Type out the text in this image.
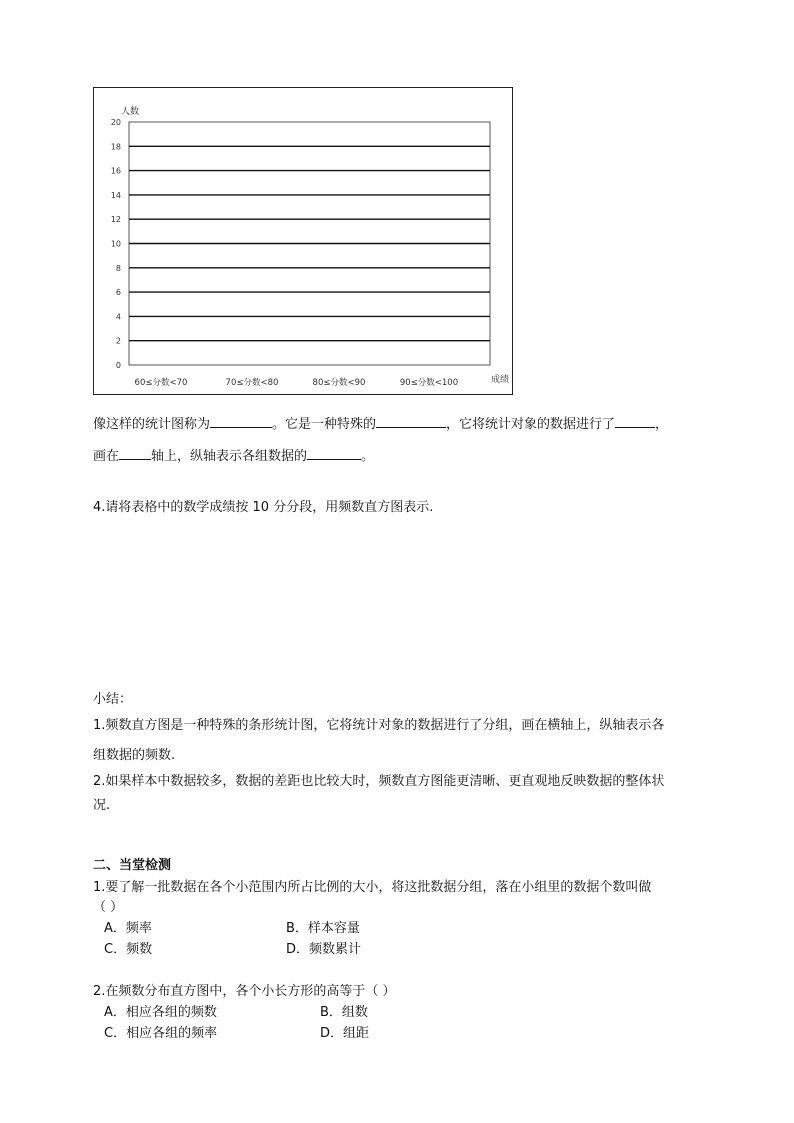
0
2
4
6
8
10
12
14
16
18
20
60≤分数<70	70≤分数<80	80≤分数<90	90≤分数<100
人数
成绩
像这样的统计图称为	。它是一种特殊的	，它将统计对象的数据进行了	，
画在 轴上，纵轴表示各组数据的	。
4.请将表格中的数学成绩按 10 分分段，用频数直方图表示.
小结：
1.频数直方图是一种特殊的条形统计图，它将统计对象的数据进行了分组，画在横轴上，纵轴表示各
组数据的频数.
2.如果样本中数据较多，数据的差距也比较大时，频数直方图能更清晰、更直观地反映数据的整体状
况.
二、当堂检测
1.要了解一批数据在各个小范围内所占比例的大小，将这批数据分组，落在小组里的数据个数叫做
（ ）
A．频率	B．样本容量
C．频数	D．频数累计
2.在频数分布直方图中，各个小长方形的高等于（ ）
A．相应各组的频数	B．组数
C．相应各组的频率	D．组距
